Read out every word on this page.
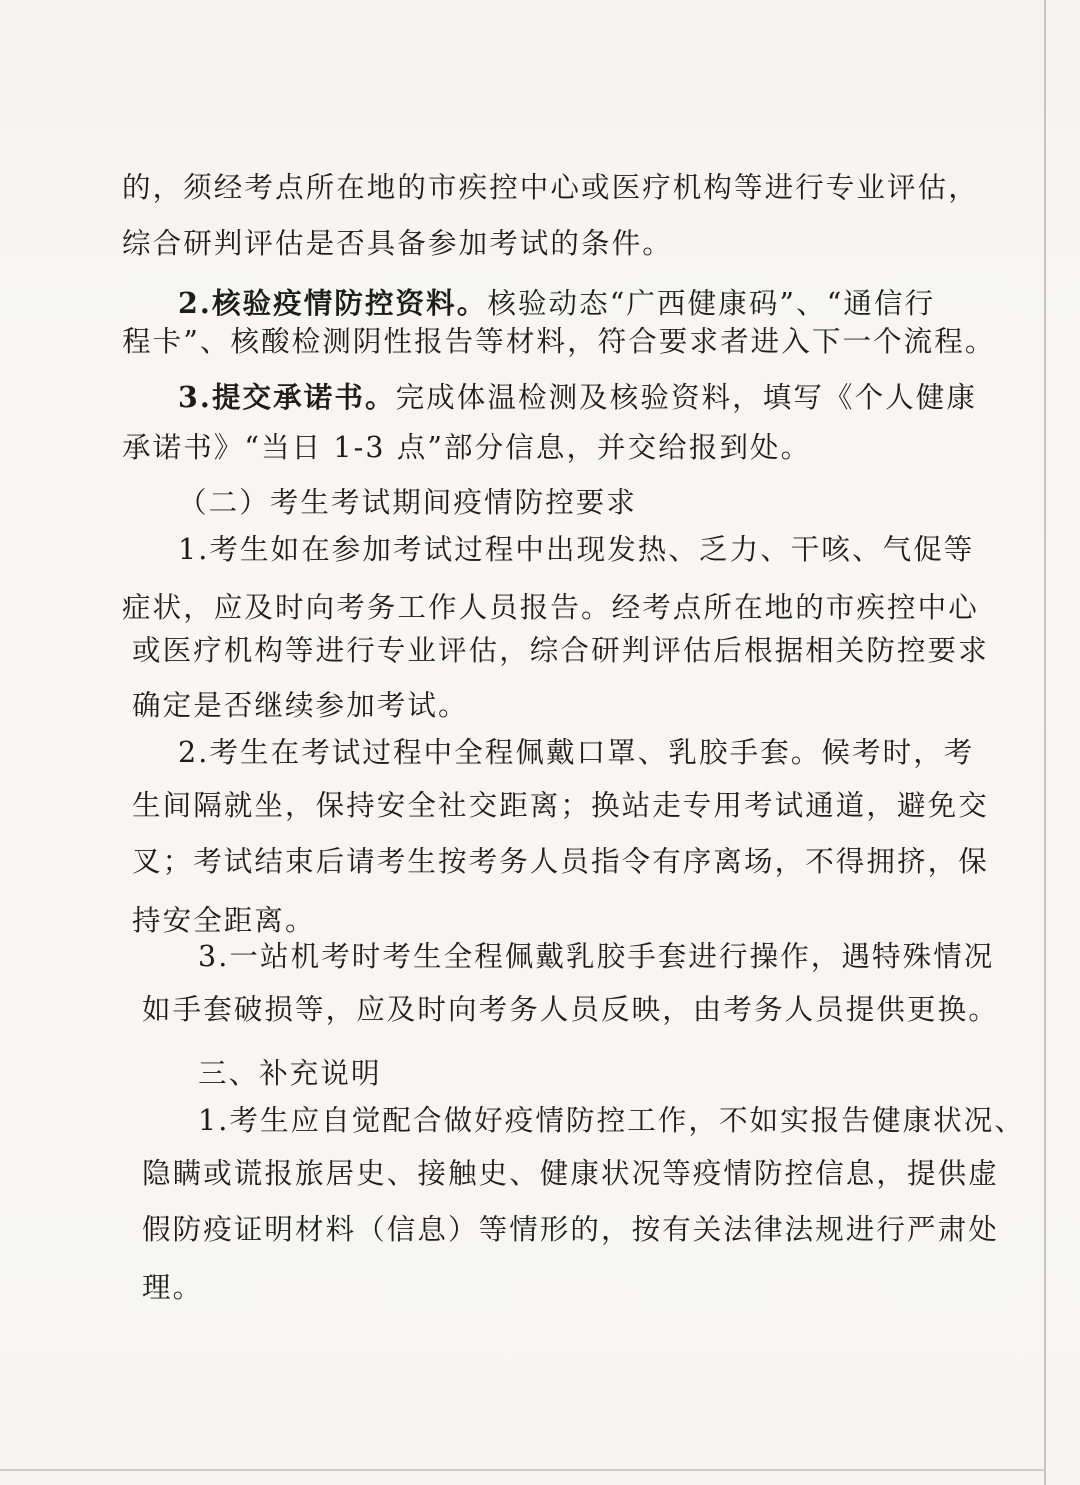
的，须经考点所在地的市疾控中心或医疗机构等进行专业评估，
综合研判评估是否具备参加考试的条件。
2.核验疫情防控资料。核验动态“广西健康码”、“通信行
程卡”、核酸检测阴性报告等材料，符合要求者进入下一个流程。
3.提交承诺书。完成体温检测及核验资料，填写《个人健康
承诺书》“当日 1-3 点”部分信息，并交给报到处。
（二）考生考试期间疫情防控要求
1.考生如在参加考试过程中出现发热、乏力、干咳、气促等
症状，应及时向考务工作人员报告。经考点所在地的市疾控中心
或医疗机构等进行专业评估，综合研判评估后根据相关防控要求
确定是否继续参加考试。
2.考生在考试过程中全程佩戴口罩、乳胶手套。候考时，考
生间隔就坐，保持安全社交距离；换站走专用考试通道，避免交
叉；考试结束后请考生按考务人员指令有序离场，不得拥挤，保
持安全距离。
3.一站机考时考生全程佩戴乳胶手套进行操作，遇特殊情况
如手套破损等，应及时向考务人员反映，由考务人员提供更换。
三、补充说明
1.考生应自觉配合做好疫情防控工作，不如实报告健康状况、
隐瞒或谎报旅居史、接触史、健康状况等疫情防控信息，提供虚
假防疫证明材料（信息）等情形的，按有关法律法规进行严肃处
理。
